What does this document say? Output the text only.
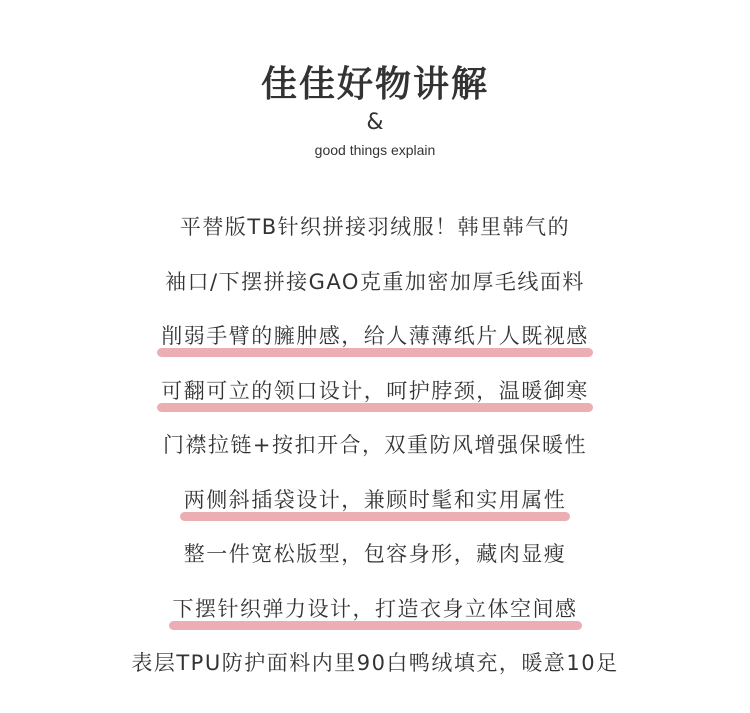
佳佳好物讲解
&
good things explain
平替版TB针织拼接羽绒服！韩里韩气的
袖口/下摆拼接GAO克重加密加厚毛线面料
削弱手臂的臃肿感，给人薄薄纸片人既视感
可翻可立的领口设计，呵护脖颈，温暖御寒
门襟拉链+按扣开合，双重防风增强保暖性
两侧斜插袋设计，兼顾时髦和实用属性
整一件宽松版型，包容身形，藏肉显瘦
下摆针织弹力设计，打造衣身立体空间感
表层TPU防护面料内里90白鸭绒填充，暖意10足
